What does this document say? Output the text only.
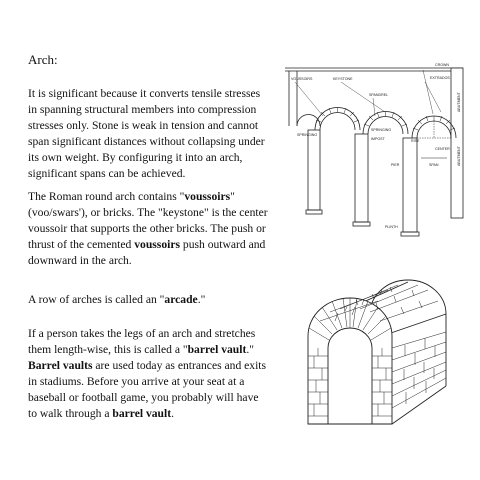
Arch:

It is significant because it converts tensile stresses in spanning structural members into compression stresses only. Stone is weak in tension and cannot span significant distances without collapsing under its own weight. By configuring it into an arch, significant spans can be achieved.

The Roman round arch contains "voussoirs" (voo/swars'), or bricks. The "keystone" is the center voussoir that supports the other bricks. The push or thrust of the cemented voussoirs push outward and downward in the arch.

A row of arches is called an "arcade."

If a person takes the legs of an arch and stretches them length-wise, this is called a "barrel vault." Barrel vaults are used today as entrances and exits in stadiums. Before you arrive at your seat at a baseball or football game, you probably will have to walk through a barrel vault.

VOUSSOIRS	KEYSTONE
CROWN
EXTRADOS
SPANDREL
SPRINGING
SPRINGING
IMPOST	RISE
CENTER
PIER	SPAN
PLINTH
ABUTMENT
ABUTMENT
